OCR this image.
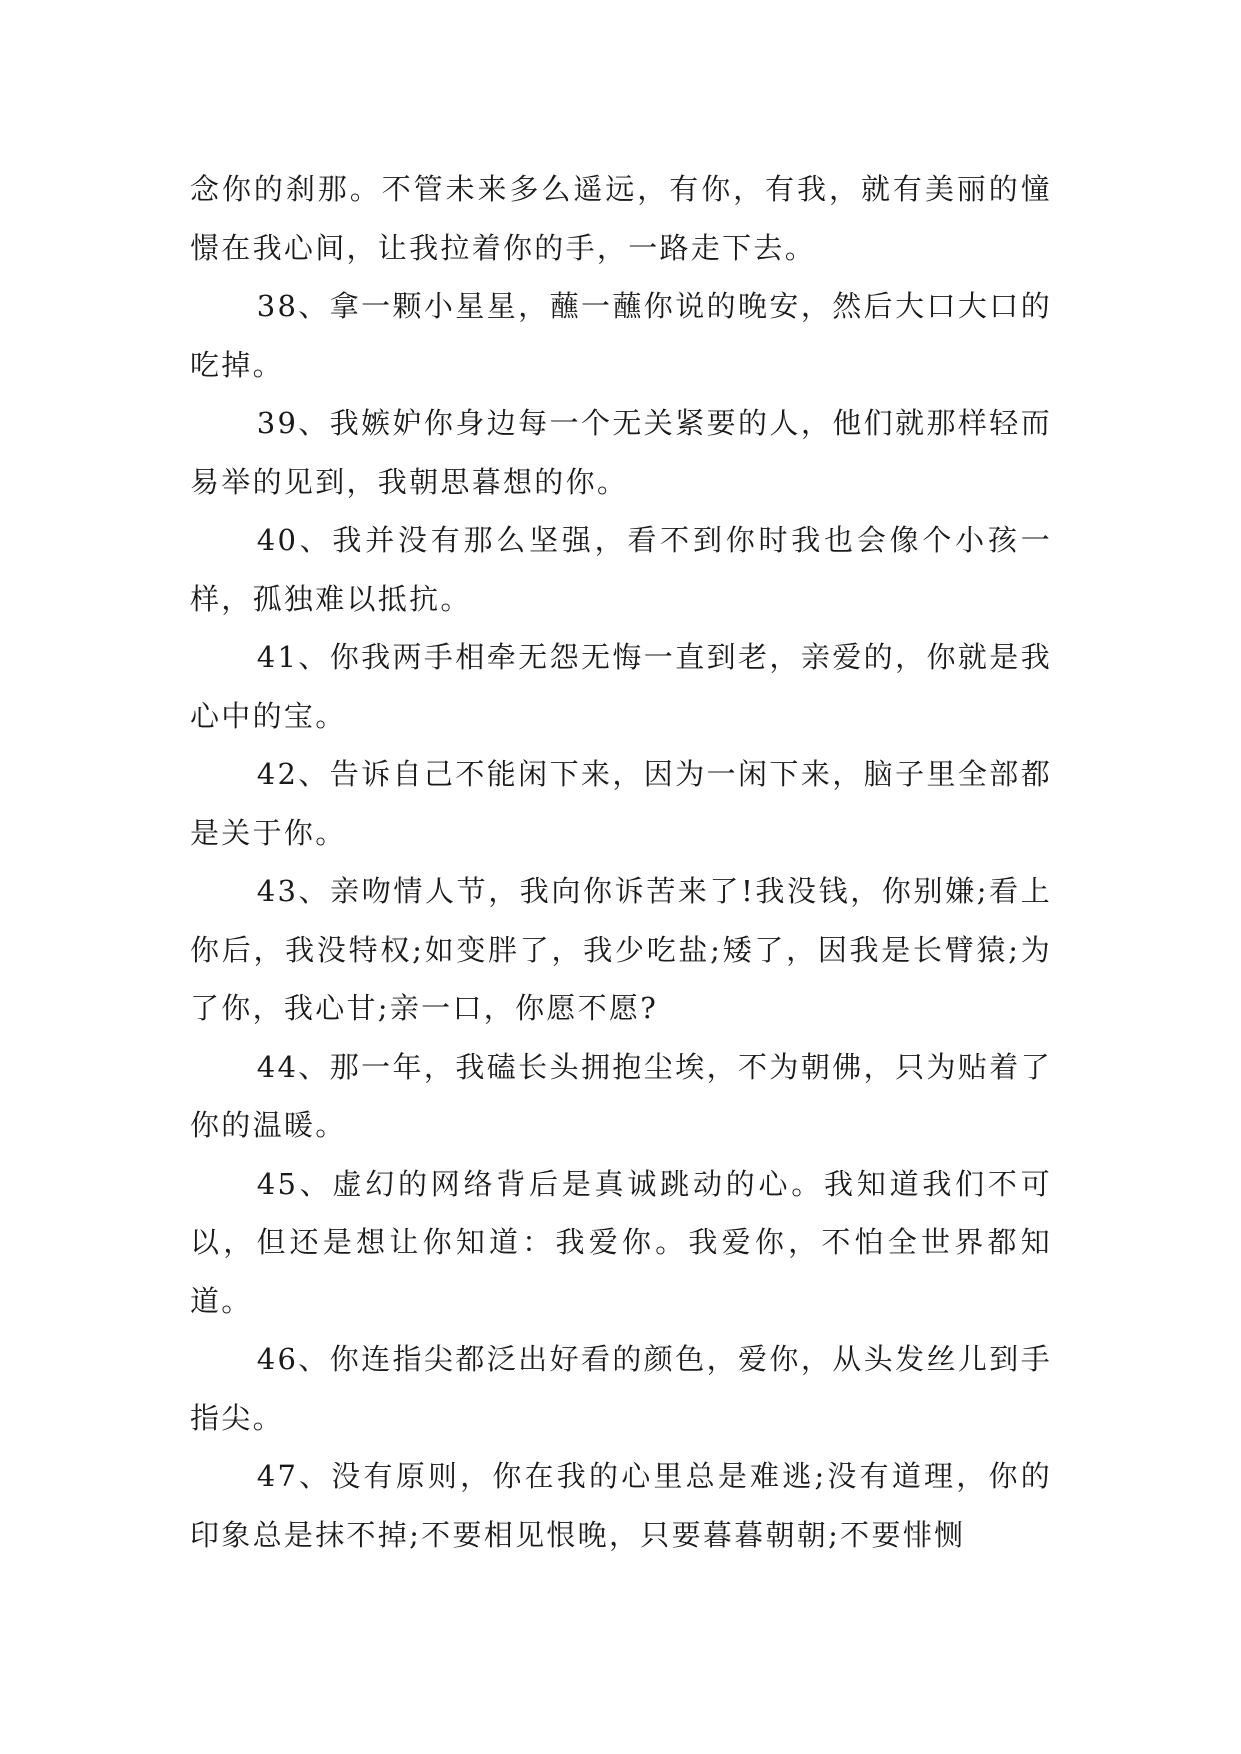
念你的刹那。不管未来多么遥远，有你，有我，就有美丽的憧憬在我心间，让我拉着你的手，一路走下去。

38、拿一颗小星星，蘸一蘸你说的晚安，然后大口大口的吃掉。

39、我嫉妒你身边每一个无关紧要的人，他们就那样轻而易举的见到，我朝思暮想的你。

40、我并没有那么坚强，看不到你时我也会像个小孩一样，孤独难以抵抗。

41、你我两手相牵无怨无悔一直到老，亲爱的，你就是我心中的宝。

42、告诉自己不能闲下来，因为一闲下来，脑子里全部都是关于你。

43、亲吻情人节，我向你诉苦来了!我没钱，你别嫌;看上你后，我没特权;如变胖了，我少吃盐;矮了，因我是长臂猿;为了你，我心甘;亲一口，你愿不愿?

44、那一年，我磕长头拥抱尘埃，不为朝佛，只为贴着了你的温暖。

45、虚幻的网络背后是真诚跳动的心。我知道我们不可以，但还是想让你知道：我爱你。我爱你，不怕全世界都知道。

46、你连指尖都泛出好看的颜色，爱你，从头发丝儿到手指尖。

47、没有原则，你在我的心里总是难逃;没有道理，你的印象总是抹不掉;不要相见恨晚，只要暮暮朝朝;不要悱恻
